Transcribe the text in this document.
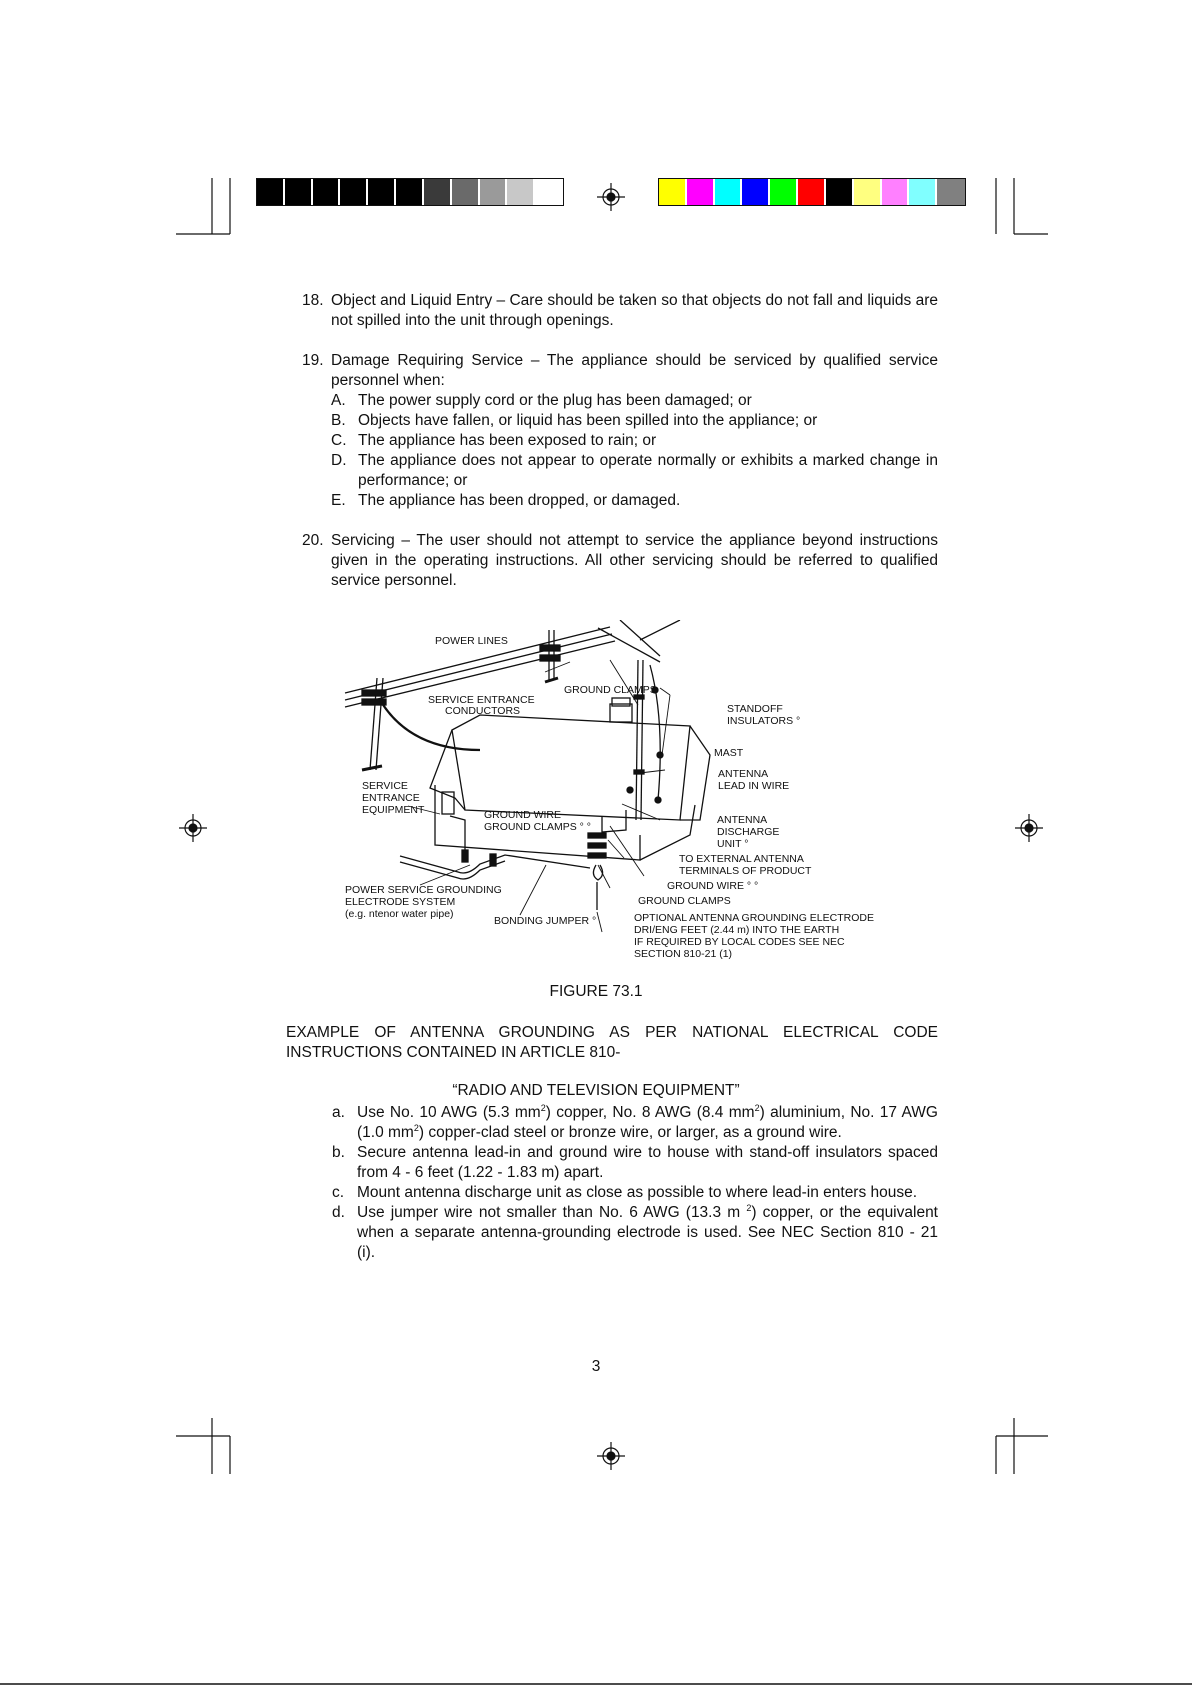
18. Object and Liquid Entry – Care should be taken so that objects do not fall and liquids are not spilled into the unit through openings.
19. Damage Requiring Service – The appliance should be serviced by qualified service personnel when:
A. The power supply cord or the plug has been damaged; or
B. Objects have fallen, or liquid has been spilled into the appliance; or
C. The appliance has been exposed to rain; or
D. The appliance does not appear to operate normally or exhibits a marked change in performance; or
E. The appliance has been dropped, or damaged.
20. Servicing – The user should not attempt to service the appliance beyond instructions given in the operating instructions. All other servicing should be referred to qualified service personnel.
POWER LINES
GROUND CLAMPS
SERVICE ENTRANCE
CONDUCTORS	STANDOFF
INSULATORS °
MAST
ANTENNA
LEAD IN WIRE
SERVICE
ENTRANCE
EQUIPMENT	GROUND WIRE
GROUND CLAMPS ° °
ANTENNA
DISCHARGE
UNIT °
TO EXTERNAL ANTENNA
TERMINALS OF PRODUCT
GROUND WIRE ° °
GROUND CLAMPS
POWER SERVICE GROUNDING
ELECTRODE SYSTEM
(e.g. ntenor water pipe)
BONDING JUMPER °	OPTIONAL ANTENNA GROUNDING ELECTRODE
DRI/ENG FEET (2.44 m) INTO THE EARTH
IF REQUIRED BY LOCAL CODES SEE NEC
SECTION 810-21 (1)
FIGURE 73.1
EXAMPLE OF ANTENNA GROUNDING AS PER NATIONAL ELECTRICAL CODE
INSTRUCTIONS CONTAINED IN ARTICLE 810-
“RADIO AND TELEVISION EQUIPMENT”
a. Use No. 10 AWG (5.3 $mm^2$) copper, No. 8 AWG (8.4 $mm^2$) aluminium, No. 17 AWG (1.0 $mm^2$) copper-clad steel or bronze wire, or larger, as a ground wire.
b. Secure antenna lead-in and ground wire to house with stand-off insulators spaced from 4 - 6 feet (1.22 - 1.83 m) apart.
c. Mount antenna discharge unit as close as possible to where lead-in enters house.
d. Use jumper wire not smaller than No. 6 AWG (13.3 m $^2$) copper, or the equivalent when a separate antenna-grounding electrode is used. See NEC Section 810 - 21 (i).
3
